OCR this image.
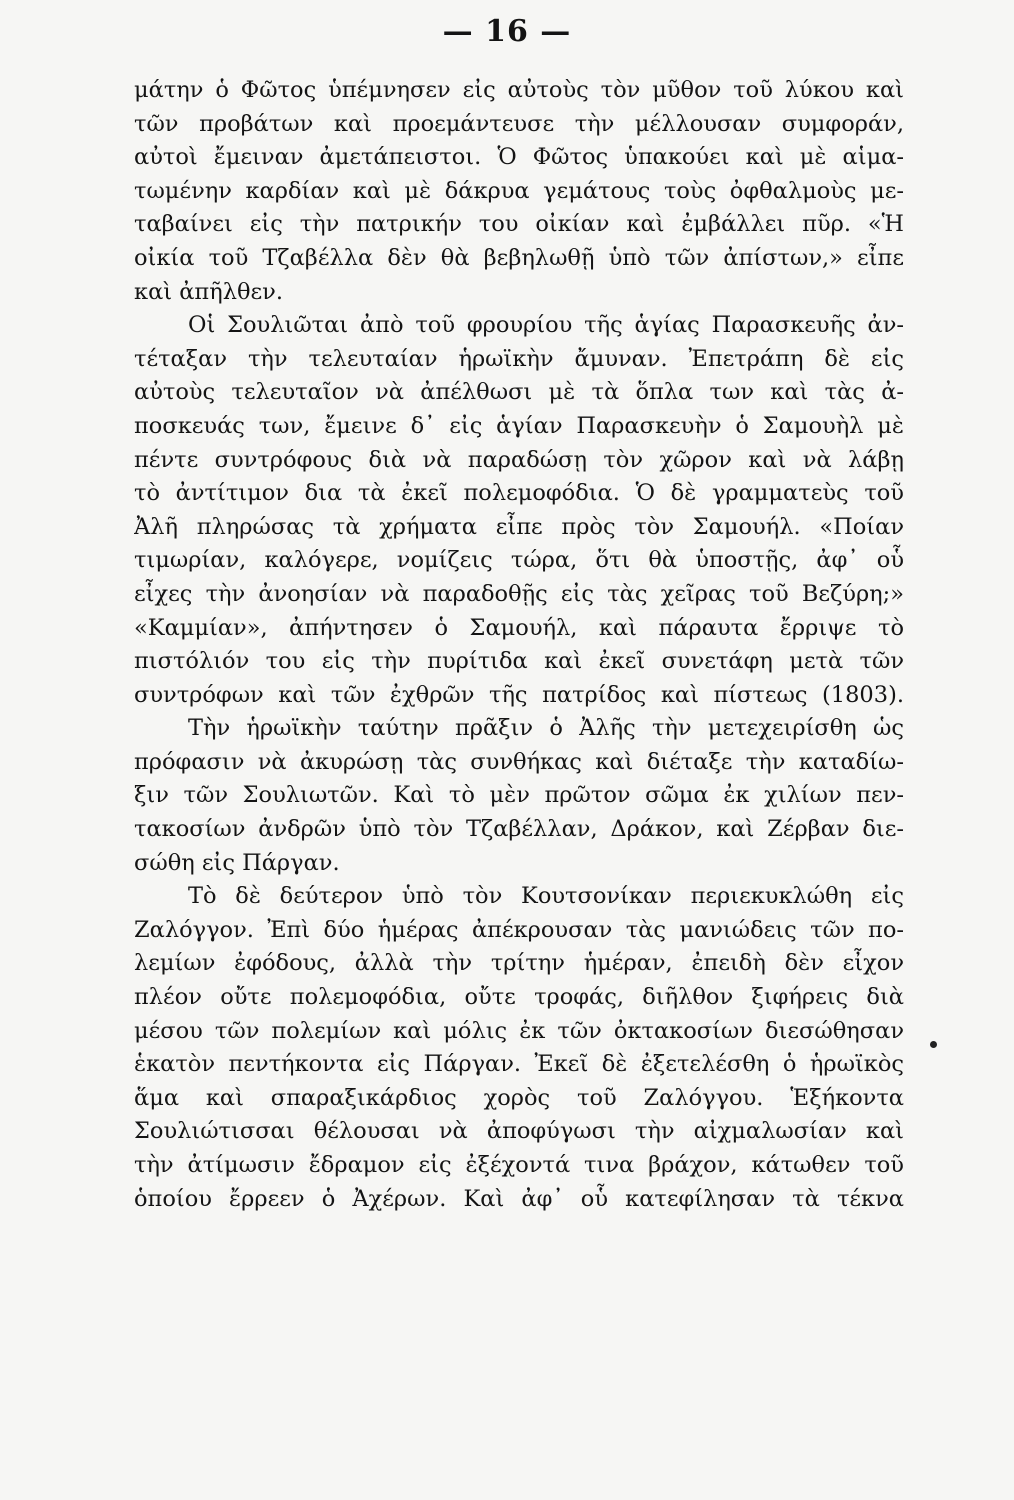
— 16 —
μάτην ὁ Φῶτος ὑπέμνησεν εἰς αὐτοὺς τὸν μῦθον τοῦ λύκου καὶ
τῶν προβάτων καὶ προεμάντευσε τὴν μέλλουσαν συμφοράν,
αὐτοὶ ἔμειναν ἀμετάπειστοι. Ὁ Φῶτος ὑπακούει καὶ μὲ αἱμα-
τωμένην καρδίαν καὶ μὲ δάκρυα γεμάτους τοὺς ὀφθαλμοὺς με-
ταβαίνει εἰς τὴν πατρικήν του οἰκίαν καὶ ἐμβάλλει πῦρ. «Ἡ
οἰκία τοῦ Τζαβέλλα δὲν θὰ βεβηλωθῇ ὑπὸ τῶν ἀπίστων,» εἶπε
καὶ ἀπῆλθεν.
Οἱ Σουλιῶται ἀπὸ τοῦ φρουρίου τῆς ἁγίας Παρασκευῆς ἀν-
τέταξαν τὴν τελευταίαν ἡρωϊκὴν ἄμυναν. Ἐπετράπη δὲ εἰς
αὐτοὺς τελευταῖον νὰ ἀπέλθωσι μὲ τὰ ὅπλα των καὶ τὰς ἀ-
ποσκευάς των, ἔμεινε δ᾽ εἰς ἁγίαν Παρασκευὴν ὁ Σαμουὴλ μὲ
πέντε συντρόφους διὰ νὰ παραδώσῃ τὸν χῶρον καὶ νὰ λάβῃ
τὸ ἀντίτιμον δια τὰ ἐκεῖ πολεμοφόδια. Ὁ δὲ γραμματεὺς τοῦ
Ἀλῆ πληρώσας τὰ χρήματα εἶπε πρὸς τὸν Σαμουήλ. «Ποίαν
τιμωρίαν, καλόγερε, νομίζεις τώρα, ὅτι θὰ ὑποστῇς, ἀφ᾽ οὗ
εἶχες τὴν ἀνοησίαν νὰ παραδοθῇς εἰς τὰς χεῖρας τοῦ Βεζύρη;»
«Καμμίαν», ἀπήντησεν ὁ Σαμουήλ, καὶ πάραυτα ἔρριψε τὸ
πιστόλιόν του εἰς τὴν πυρίτιδα καὶ ἐκεῖ συνετάφη μετὰ τῶν
συντρόφων καὶ τῶν ἐχθρῶν τῆς πατρίδος καὶ πίστεως (1803).
Τὴν ἡρωϊκὴν ταύτην πρᾶξιν ὁ Ἀλῆς τὴν μετεχειρίσθη ὡς
πρόφασιν νὰ ἀκυρώσῃ τὰς συνθήκας καὶ διέταξε τὴν καταδίω-
ξιν τῶν Σουλιωτῶν. Καὶ τὸ μὲν πρῶτον σῶμα ἐκ χιλίων πεν-
τακοσίων ἀνδρῶν ὑπὸ τὸν Τζαβέλλαν, Δράκον, καὶ Ζέρβαν διε-
σώθη εἰς Πάργαν.
Τὸ δὲ δεύτερον ὑπὸ τὸν Κουτσονίκαν περιεκυκλώθη εἰς
Ζαλόγγον. Ἐπὶ δύο ἡμέρας ἀπέκρουσαν τὰς μανιώδεις τῶν πο-
λεμίων ἐφόδους, ἀλλὰ τὴν τρίτην ἡμέραν, ἐπειδὴ δὲν εἶχον
πλέον οὔτε πολεμοφόδια, οὔτε τροφάς, διῆλθον ξιφήρεις διὰ
μέσου τῶν πολεμίων καὶ μόλις ἐκ τῶν ὀκτακοσίων διεσώθησαν
ἑκατὸν πεντήκοντα εἰς Πάργαν. Ἐκεῖ δὲ ἐξετελέσθη ὁ ἡρωϊκὸς
ἅμα καὶ σπαραξικάρδιος χορὸς τοῦ Ζαλόγγου. Ἑξήκοντα
Σουλιώτισσαι θέλουσαι νὰ ἀποφύγωσι τὴν αἰχμαλωσίαν καὶ
τὴν ἀτίμωσιν ἔδραμον εἰς ἐξέχοντά τινα βράχον, κάτωθεν τοῦ
ὁποίου ἔρρεεν ὁ Ἀχέρων. Καὶ ἀφ᾽ οὗ κατεφίλησαν τὰ τέκνα
